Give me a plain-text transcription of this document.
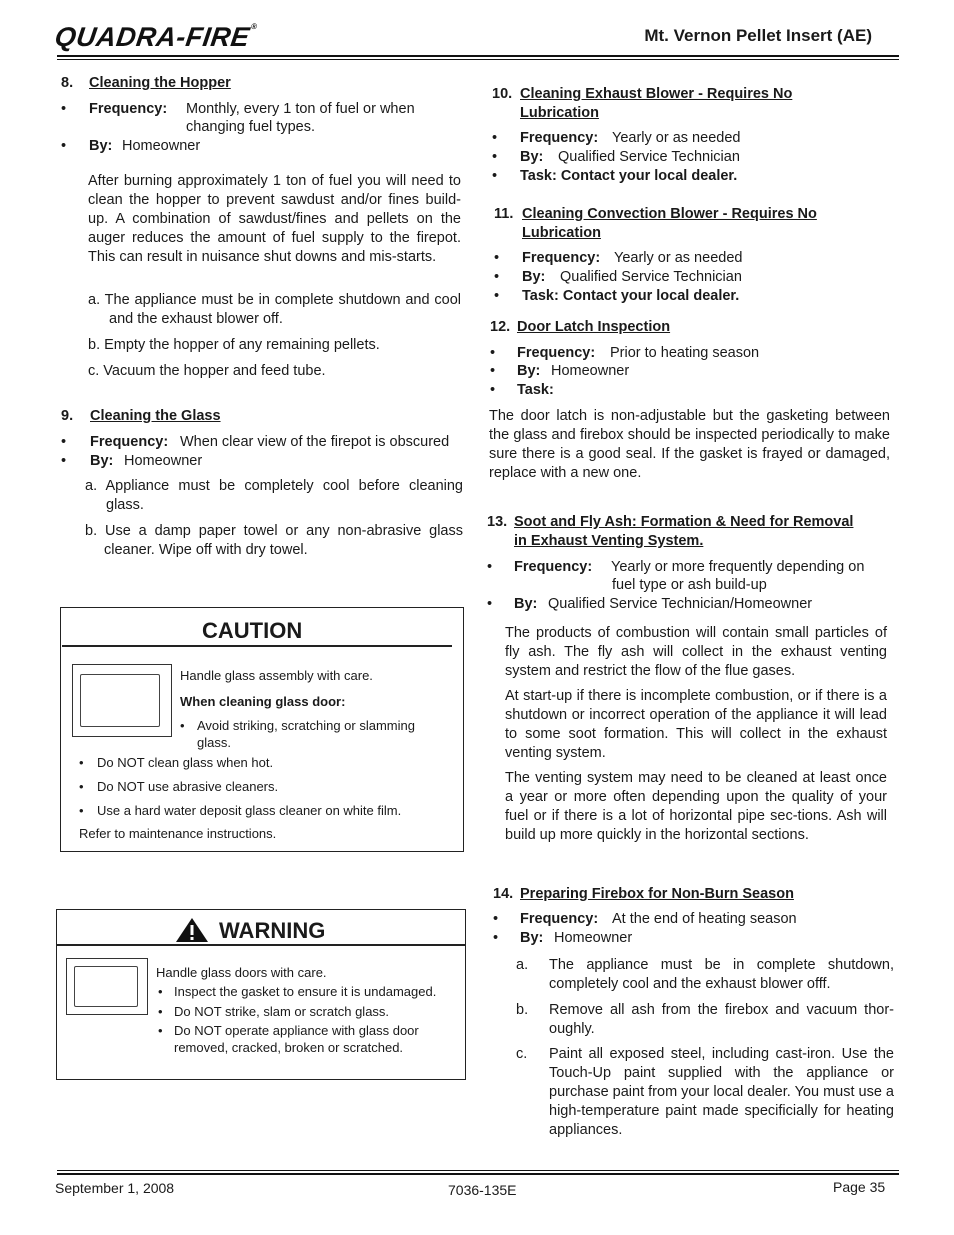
QUADRA-FIRE®	Mt. Vernon Pellet Insert (AE)
8. Cleaning the Hopper
• Frequency: Monthly, every 1 ton of fuel or when
changing fuel types.
• By: Homeowner
After burning approximately 1 ton of fuel you will need to clean the hopper to prevent sawdust and/or fines build-up. A combination of sawdust/fines and pellets on the auger reduces the amount of fuel supply to the firepot. This can result in nuisance shut downs and mis-starts.
a. The appliance must be in complete shutdown and cool and the exhaust blower off.
b. Empty the hopper of any remaining pellets.
c. Vacuum the hopper and feed tube.
9. Cleaning the Glass
• Frequency: When clear view of the firepot is obscured
• By: Homeowner
a. Appliance must be completely cool before cleaning glass.
b. Use a damp paper towel or any non-abrasive glass cleaner. Wipe off with dry towel.
CAUTION
Handle glass assembly with care.
When cleaning glass door:
• Avoid striking, scratching or slamming glass.
• Do NOT clean glass when hot.
• Do NOT use abrasive cleaners.
• Use a hard water deposit glass cleaner on white film.
Refer to maintenance instructions.
WARNING
Handle glass doors with care.
• Inspect the gasket to ensure it is undamaged.
• Do NOT strike, slam or scratch glass.
• Do NOT operate appliance with glass door removed, cracked, broken or scratched.
10. Cleaning Exhaust Blower - Requires No
Lubrication
• Frequency: Yearly or as needed
• By: Qualified Service Technician
• Task: Contact your local dealer.
11. Cleaning Convection Blower - Requires No
Lubrication
• Frequency: Yearly or as needed
• By: Qualified Service Technician
• Task: Contact your local dealer.
12. Door Latch Inspection
• Frequency: Prior to heating season
• By: Homeowner
• Task:
The door latch is non-adjustable but the gasketing between the glass and firebox should be inspected periodically to make sure there is a good seal. If the gasket is frayed or damaged, replace with a new one.
13. Soot and Fly Ash: Formation & Need for Removal
in Exhaust Venting System.
• Frequency: Yearly or more frequently depending on
fuel type or ash build-up
• By: Qualified Service Technician/Homeowner
The products of combustion will contain small particles of fly ash. The fly ash will collect in the exhaust venting system and restrict the flow of the flue gases.
At start-up if there is incomplete combustion, or if there is a shutdown or incorrect operation of the appliance it will lead to some soot formation. This will collect in the exhaust venting system.
The venting system may need to be cleaned at least once a year or more often depending upon the quality of your fuel or if there is a lot of horizontal pipe sec-tions. Ash will build up more quickly in the horizontal sections.
14. Preparing Firebox for Non-Burn Season
• Frequency: At the end of heating season
• By: Homeowner
a. The appliance must be in complete shutdown, completely cool and the exhaust blower offf.
b. Remove all ash from the firebox and vacuum thor-oughly.
c. Paint all exposed steel, including cast-iron. Use the Touch-Up paint supplied with the appliance or purchase paint from your local dealer. You must use a high-temperature paint made specificially for heating appliances.
September 1, 2008	7036-135E	Page 35
